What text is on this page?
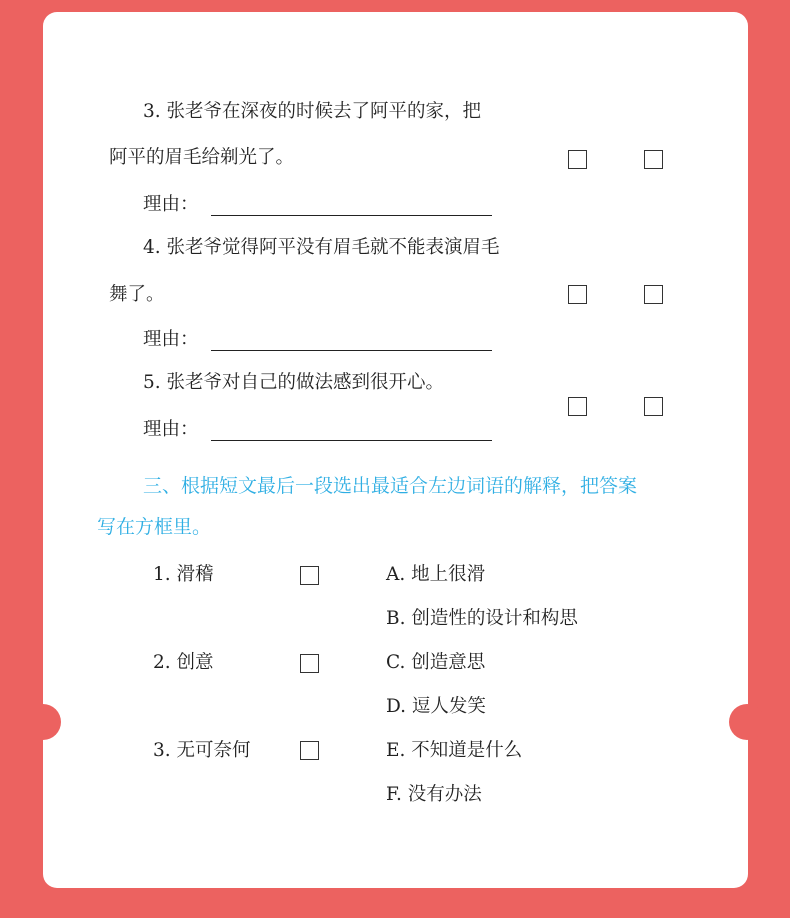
3. 张老爷在深夜的时候去了阿平的家，把
阿平的眉毛给剃光了。
理由：
4. 张老爷觉得阿平没有眉毛就不能表演眉毛
舞了。
理由：
5. 张老爷对自己的做法感到很开心。
理由：
三、根据短文最后一段选出最适合左边词语的解释，把答案
写在方框里。
1. 滑稽
2. 创意
3. 无可奈何
A. 地上很滑
B. 创造性的设计和构思
C. 创造意思
D. 逗人发笑
E. 不知道是什么
F. 没有办法
